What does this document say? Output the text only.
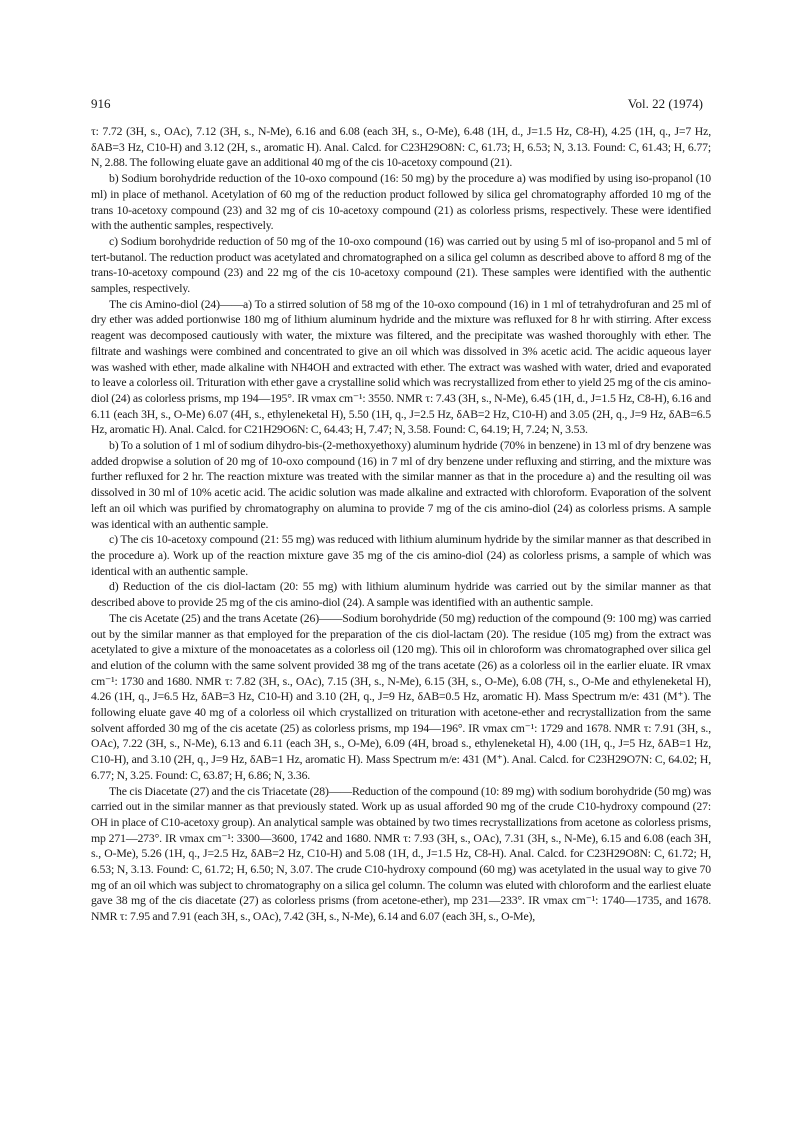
916	Vol. 22 (1974)

τ: 7.72 (3H, s., OAc), 7.12 (3H, s., N-Me), 6.16 and 6.08 (each 3H, s., O-Me), 6.48 (1H, d., J=1.5 Hz, C8-H), 4.25 (1H, q., J=7 Hz, δAB=3 Hz, C10-H) and 3.12 (2H, s., aromatic H). Anal. Calcd. for C23H29O8N: C, 61.73; H, 6.53; N, 3.13. Found: C, 61.43; H, 6.77; N, 2.88. The following eluate gave an additional 40 mg of the cis 10-acetoxy compound (21).

b) Sodium borohydride reduction of the 10-oxo compound (16: 50 mg) by the procedure a) was modified by using iso-propanol (10 ml) in place of methanol. Acetylation of 60 mg of the reduction product followed by silica gel chromatography afforded 10 mg of the trans 10-acetoxy compound (23) and 32 mg of cis 10-acetoxy compound (21) as colorless prisms, respectively. These were identified with the authentic samples, respectively.

c) Sodium borohydride reduction of 50 mg of the 10-oxo compound (16) was carried out by using 5 ml of iso-propanol and 5 ml of tert-butanol. The reduction product was acetylated and chromatographed on a silica gel column as described above to afford 8 mg of the trans-10-acetoxy compound (23) and 22 mg of the cis 10-acetoxy compound (21). These samples were identified with the authentic samples, respectively.

The cis Amino-diol (24)——a) To a stirred solution of 58 mg of the 10-oxo compound (16) in 1 ml of tetrahydrofuran and 25 ml of dry ether was added portionwise 180 mg of lithium aluminum hydride and the mixture was refluxed for 8 hr with stirring. After excess reagent was decomposed cautiously with water, the mixture was filtered, and the precipitate was washed thoroughly with ether. The filtrate and washings were combined and concentrated to give an oil which was dissolved in 3% acetic acid. The acidic aqueous layer was washed with ether, made alkaline with NH4OH and extracted with ether. The extract was washed with water, dried and evaporated to leave a colorless oil. Trituration with ether gave a crystalline solid which was recrystallized from ether to yield 25 mg of the cis amino-diol (24) as colorless prisms, mp 194—195°. IR νmax cm⁻¹: 3550. NMR τ: 7.43 (3H, s., N-Me), 6.45 (1H, d., J=1.5 Hz, C8-H), 6.16 and 6.11 (each 3H, s., O-Me) 6.07 (4H, s., ethyleneketal H), 5.50 (1H, q., J=2.5 Hz, δAB=2 Hz, C10-H) and 3.05 (2H, q., J=9 Hz, δAB=6.5 Hz, aromatic H). Anal. Calcd. for C21H29O6N: C, 64.43; H, 7.47; N, 3.58. Found: C, 64.19; H, 7.24; N, 3.53.

b) To a solution of 1 ml of sodium dihydro-bis-(2-methoxyethoxy) aluminum hydride (70% in benzene) in 13 ml of dry benzene was added dropwise a solution of 20 mg of 10-oxo compound (16) in 7 ml of dry benzene under refluxing and stirring, and the mixture was further refluxed for 2 hr. The reaction mixture was treated with the similar manner as that in the procedure a) and the resulting oil was dissolved in 30 ml of 10% acetic acid. The acidic solution was made alkaline and extracted with chloroform. Evaporation of the solvent left an oil which was purified by chromatography on alumina to provide 7 mg of the cis amino-diol (24) as colorless prisms. A sample was identical with an authentic sample.

c) The cis 10-acetoxy compound (21: 55 mg) was reduced with lithium aluminum hydride by the similar manner as that described in the procedure a). Work up of the reaction mixture gave 35 mg of the cis amino-diol (24) as colorless prisms, a sample of which was identical with an authentic sample.

d) Reduction of the cis diol-lactam (20: 55 mg) with lithium aluminum hydride was carried out by the similar manner as that described above to provide 25 mg of the cis amino-diol (24). A sample was identified with an authentic sample.

The cis Acetate (25) and the trans Acetate (26)——Sodium borohydride (50 mg) reduction of the compound (9: 100 mg) was carried out by the similar manner as that employed for the preparation of the cis diol-lactam (20). The residue (105 mg) from the extract was acetylated to give a mixture of the monoacetates as a colorless oil (120 mg). This oil in chloroform was chromatographed over silica gel and elution of the column with the same solvent provided 38 mg of the trans acetate (26) as a colorless oil in the earlier eluate. IR νmax cm⁻¹: 1730 and 1680. NMR τ: 7.82 (3H, s., OAc), 7.15 (3H, s., N-Me), 6.15 (3H, s., O-Me), 6.08 (7H, s., O-Me and ethyleneketal H), 4.26 (1H, q., J=6.5 Hz, δAB=3 Hz, C10-H) and 3.10 (2H, q., J=9 Hz, δAB=0.5 Hz, aromatic H). Mass Spectrum m/e: 431 (M⁺). The following eluate gave 40 mg of a colorless oil which crystallized on trituration with acetone-ether and recrystallization from the same solvent afforded 30 mg of the cis acetate (25) as colorless prisms, mp 194—196°. IR νmax cm⁻¹: 1729 and 1678. NMR τ: 7.91 (3H, s., OAc), 7.22 (3H, s., N-Me), 6.13 and 6.11 (each 3H, s., O-Me), 6.09 (4H, broad s., ethyleneketal H), 4.00 (1H, q., J=5 Hz, δAB=1 Hz, C10-H), and 3.10 (2H, q., J=9 Hz, δAB=1 Hz, aromatic H). Mass Spectrum m/e: 431 (M⁺). Anal. Calcd. for C23H29O7N: C, 64.02; H, 6.77; N, 3.25. Found: C, 63.87; H, 6.86; N, 3.36.

The cis Diacetate (27) and the cis Triacetate (28)——Reduction of the compound (10: 89 mg) with sodium borohydride (50 mg) was carried out in the similar manner as that previously stated. Work up as usual afforded 90 mg of the crude C10-hydroxy compound (27: OH in place of C10-acetoxy group). An analytical sample was obtained by two times recrystallizations from acetone as colorless prisms, mp 271—273°. IR νmax cm⁻¹: 3300—3600, 1742 and 1680. NMR τ: 7.93 (3H, s., OAc), 7.31 (3H, s., N-Me), 6.15 and 6.08 (each 3H, s., O-Me), 5.26 (1H, q., J=2.5 Hz, δAB=2 Hz, C10-H) and 5.08 (1H, d., J=1.5 Hz, C8-H). Anal. Calcd. for C23H29O8N: C, 61.72; H, 6.53; N, 3.13. Found: C, 61.72; H, 6.50; N, 3.07. The crude C10-hydroxy compound (60 mg) was acetylated in the usual way to give 70 mg of an oil which was subject to chromatography on a silica gel column. The column was eluted with chloroform and the earliest eluate gave 38 mg of the cis diacetate (27) as colorless prisms (from acetone-ether), mp 231—233°. IR νmax cm⁻¹: 1740—1735, and 1678. NMR τ: 7.95 and 7.91 (each 3H, s., OAc), 7.42 (3H, s., N-Me), 6.14 and 6.07 (each 3H, s., O-Me),
